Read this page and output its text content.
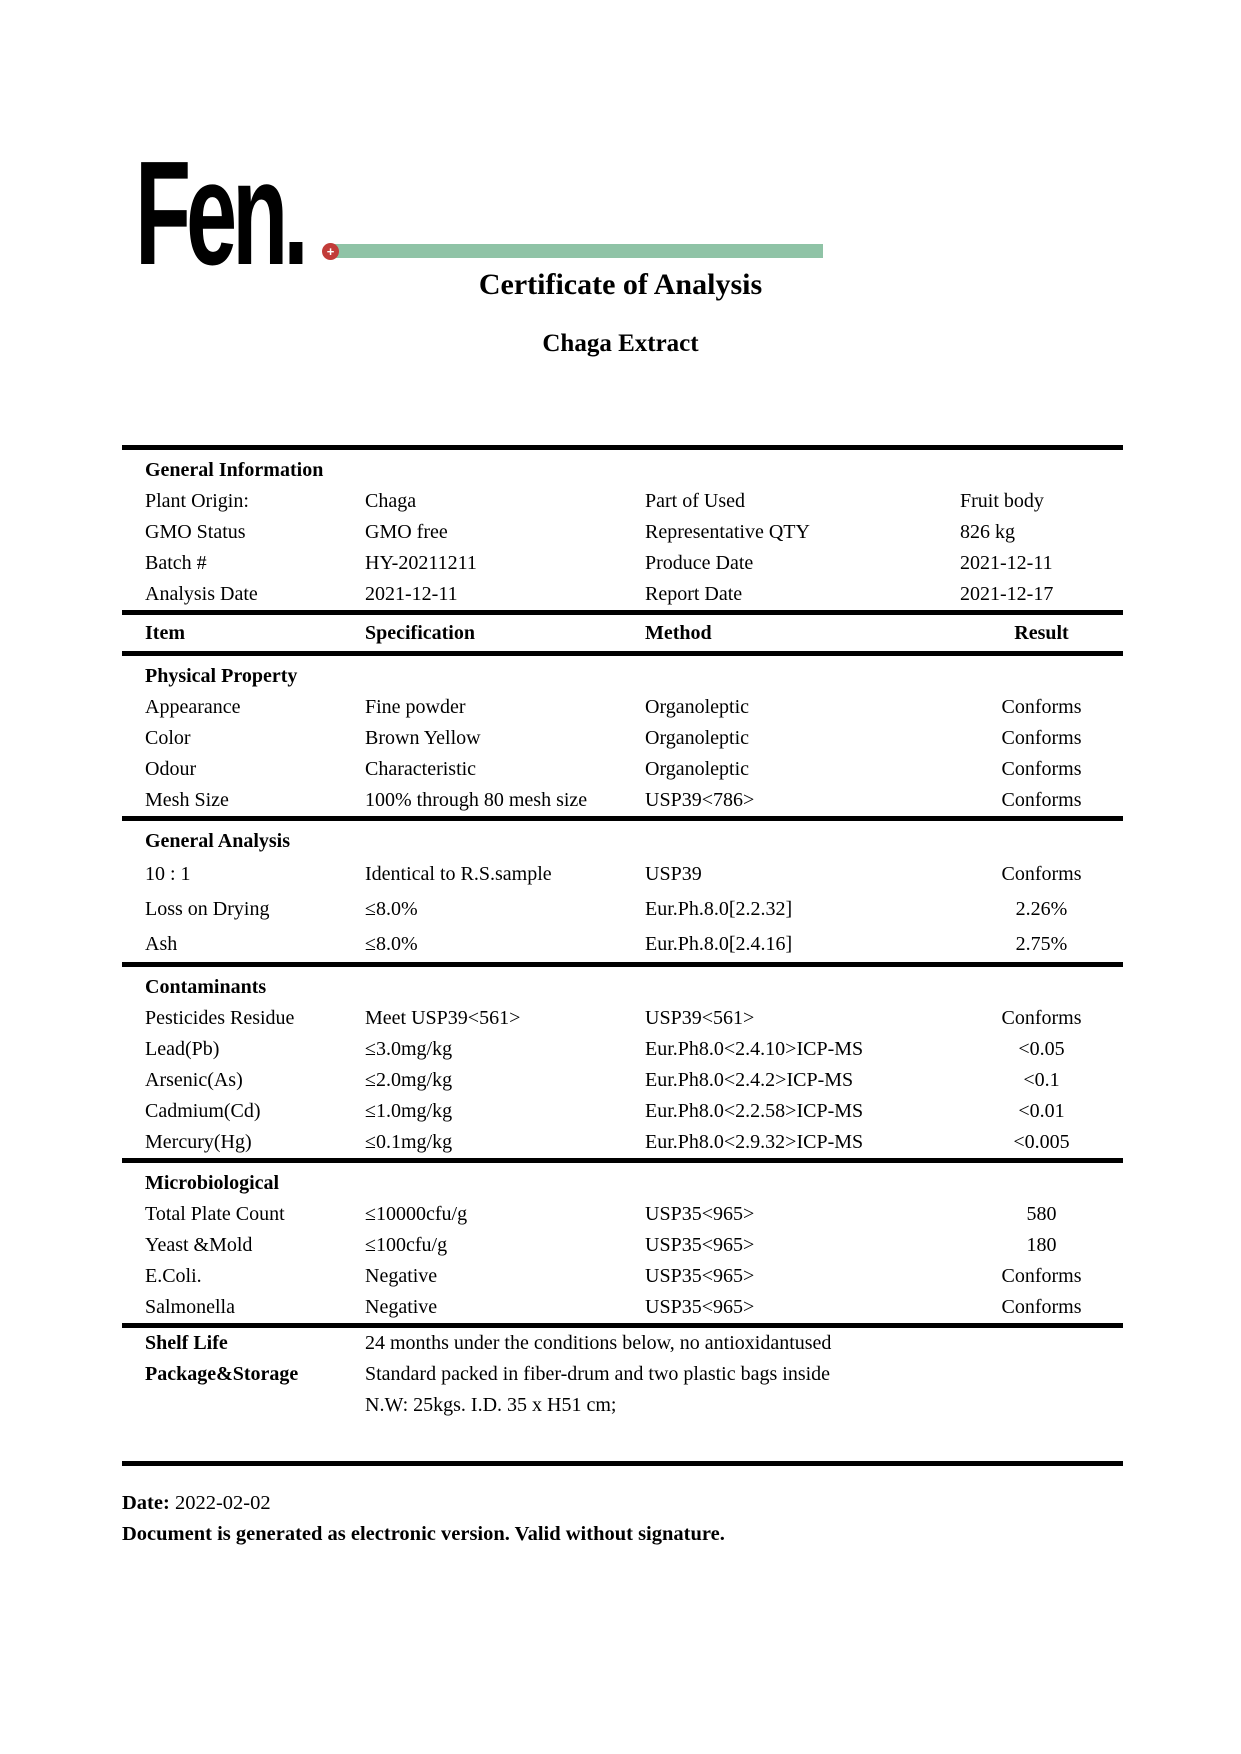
Fen.	+
Certificate of Analysis
Chaga Extract
General Information
Plant Origin:	Chaga	Part of Used	Fruit body
GMO Status	GMO free	Representative QTY	826 kg
Batch #	HY-20211211	Produce Date	2021-12-11
Analysis Date	2021-12-11	Report Date	2021-12-17
Item	Specification	Method	Result
Physical Property
Appearance	Fine powder	Organoleptic	Conforms
Color	Brown Yellow	Organoleptic	Conforms
Odour	Characteristic	Organoleptic	Conforms
Mesh Size	100% through 80 mesh size	USP39<786>	Conforms
General Analysis
10 : 1	Identical to R.S.sample	USP39	Conforms
Loss on Drying	≤8.0%	Eur.Ph.8.0[2.2.32]	2.26%
Ash	≤8.0%	Eur.Ph.8.0[2.4.16]	2.75%
Contaminants
Pesticides Residue	Meet USP39<561>	USP39<561>	Conforms
Lead(Pb)	≤3.0mg/kg	Eur.Ph8.0<2.4.10>ICP-MS	<0.05
Arsenic(As)	≤2.0mg/kg	Eur.Ph8.0<2.4.2>ICP-MS	<0.1
Cadmium(Cd)	≤1.0mg/kg	Eur.Ph8.0<2.2.58>ICP-MS	<0.01
Mercury(Hg)	≤0.1mg/kg	Eur.Ph8.0<2.9.32>ICP-MS	<0.005
Microbiological
Total Plate Count	≤10000cfu/g	USP35<965>	580
Yeast &Mold	≤100cfu/g	USP35<965>	180
E.Coli.	Negative	USP35<965>	Conforms
Salmonella	Negative	USP35<965>	Conforms
Shelf Life	24 months under the conditions below, no antioxidantused
Package&Storage	Standard packed in fiber-drum and two plastic bags inside
N.W: 25kgs. I.D. 35 x H51 cm;
Date: 2022-02-02
Document is generated as electronic version. Valid without signature.
